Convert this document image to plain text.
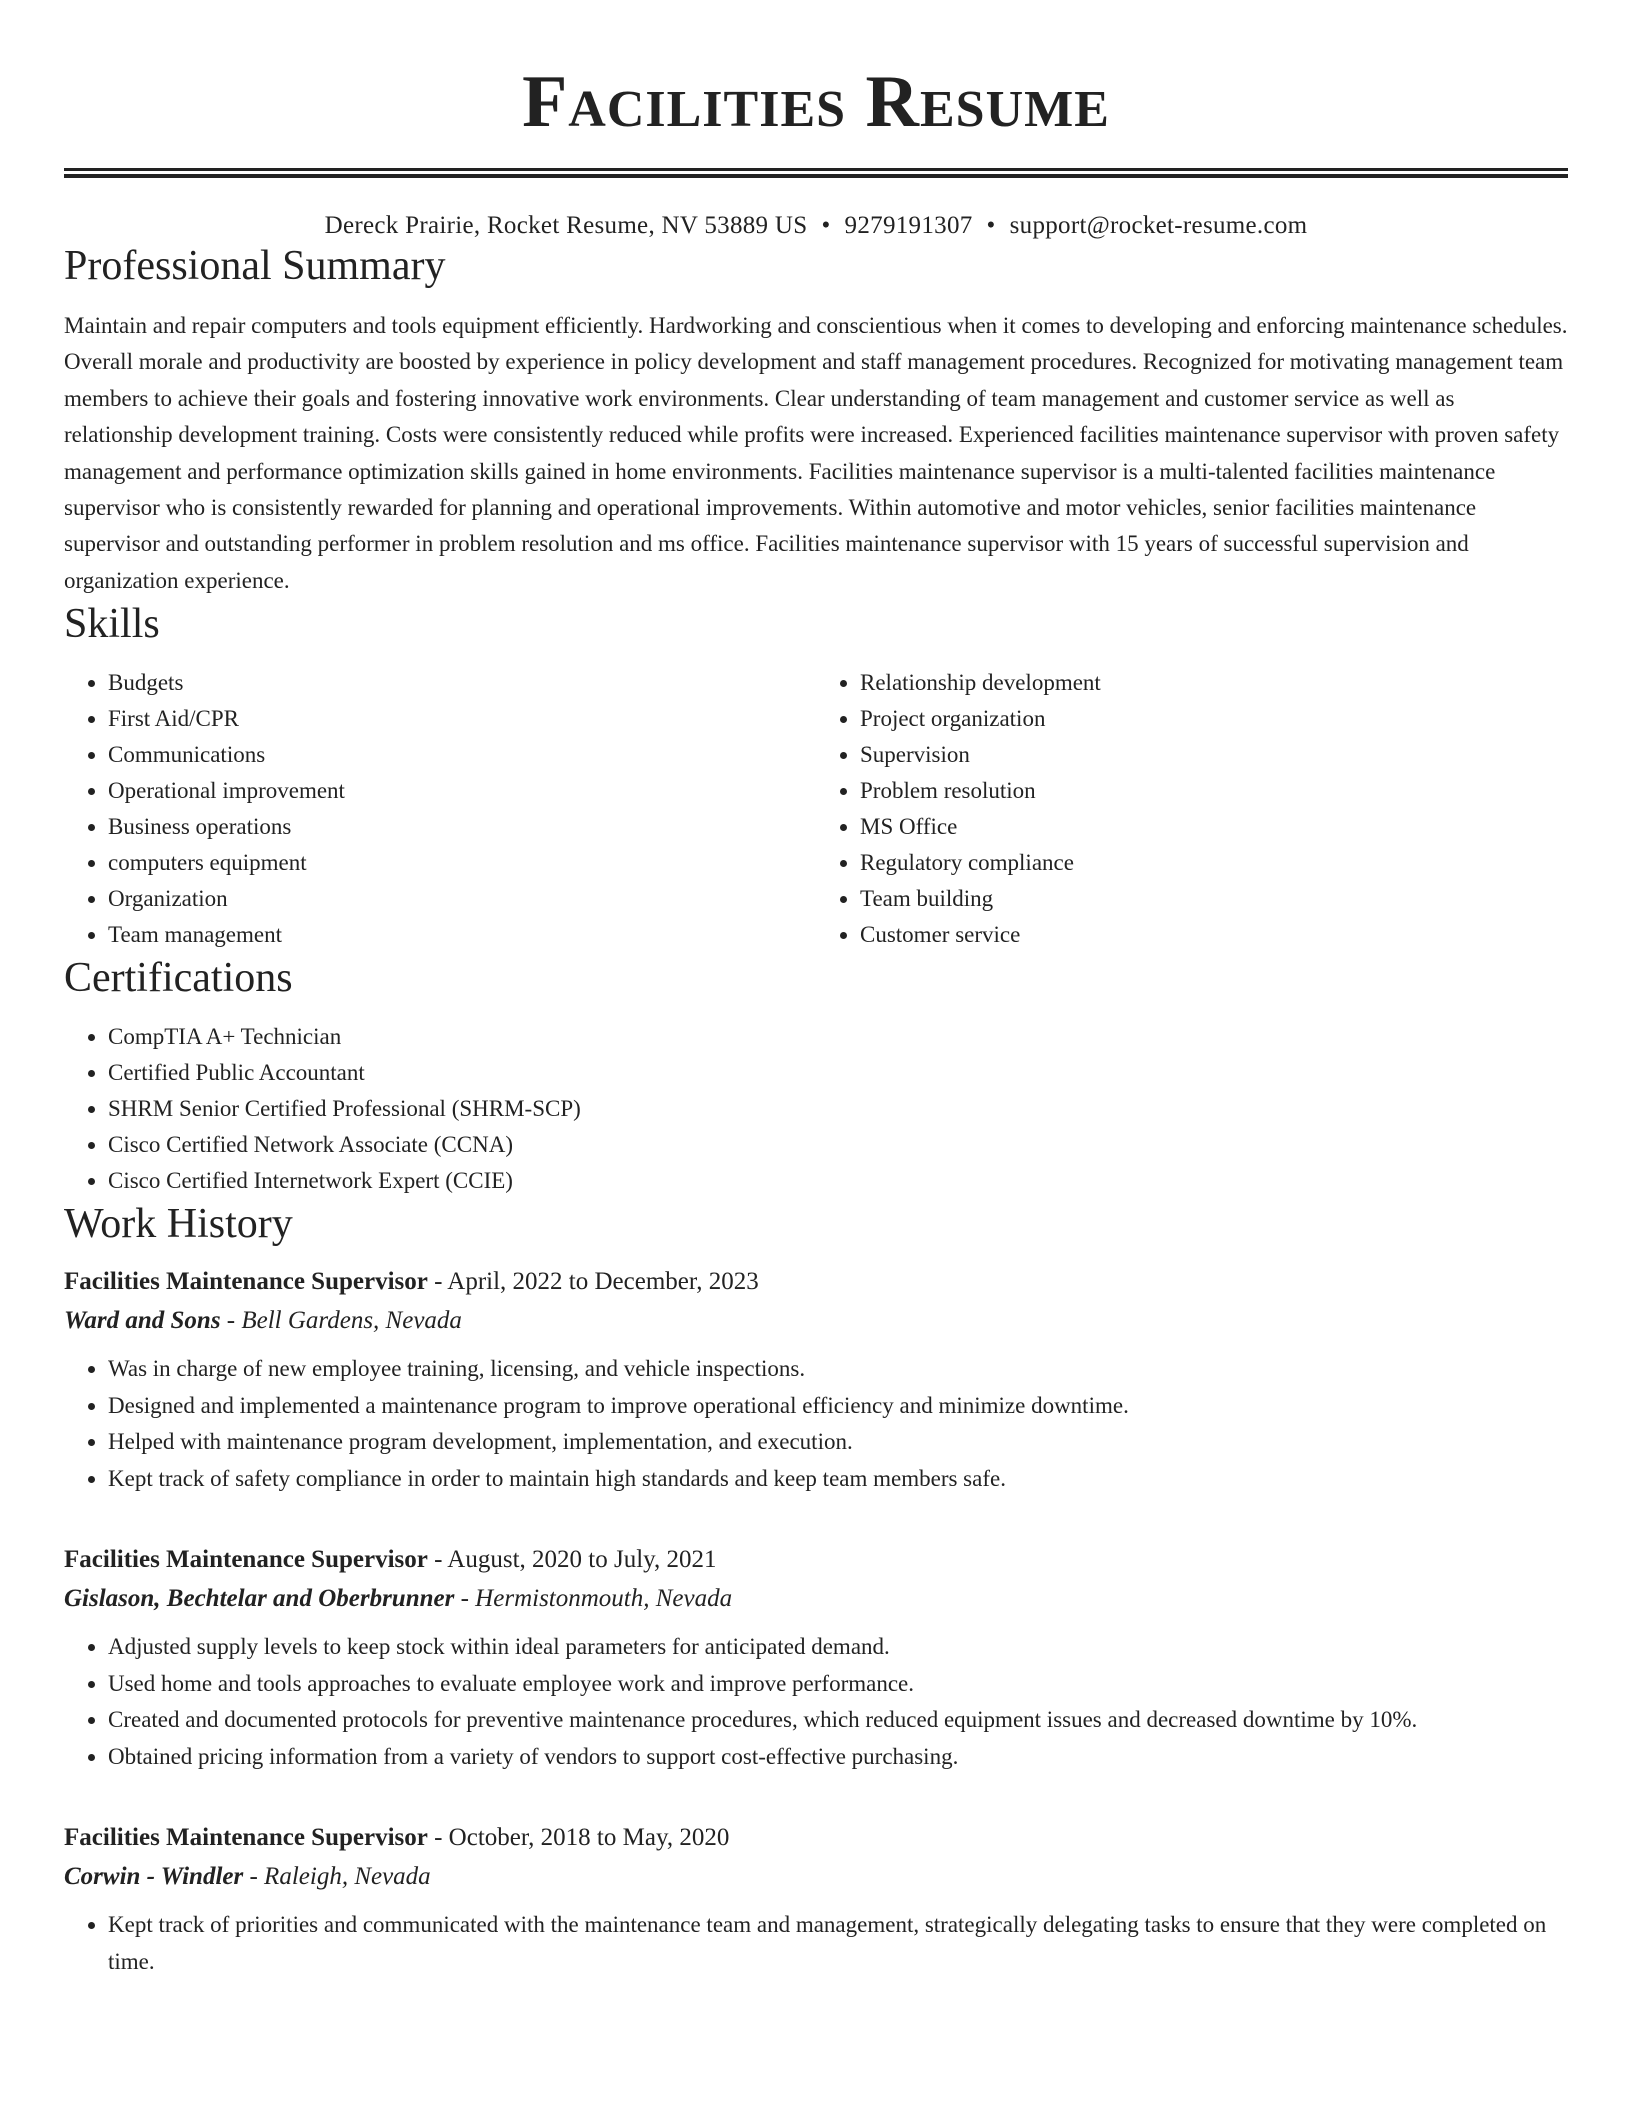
Facilities Resume
Dereck Prairie, Rocket Resume, NV 53889 US • 9279191307 • support@rocket-resume.com
Professional Summary
Maintain and repair computers and tools equipment efficiently. Hardworking and conscientious when it comes to developing and enforcing maintenance schedules. Overall morale and productivity are boosted by experience in policy development and staff management procedures. Recognized for motivating management team members to achieve their goals and fostering innovative work environments. Clear understanding of team management and customer service as well as relationship development training. Costs were consistently reduced while profits were increased. Experienced facilities maintenance supervisor with proven safety management and performance optimization skills gained in home environments. Facilities maintenance supervisor is a multi-talented facilities maintenance supervisor who is consistently rewarded for planning and operational improvements. Within automotive and motor vehicles, senior facilities maintenance supervisor and outstanding performer in problem resolution and ms office. Facilities maintenance supervisor with 15 years of successful supervision and organization experience.
Skills
• Budgets
• First Aid/CPR
• Communications
• Operational improvement
• Business operations
• computers equipment
• Organization
• Team management
• Relationship development
• Project organization
• Supervision
• Problem resolution
• MS Office
• Regulatory compliance
• Team building
• Customer service
Certifications
• CompTIA A+ Technician
• Certified Public Accountant
• SHRM Senior Certified Professional (SHRM-SCP)
• Cisco Certified Network Associate (CCNA)
• Cisco Certified Internetwork Expert (CCIE)
Work History
Facilities Maintenance Supervisor - April, 2022 to December, 2023
Ward and Sons - Bell Gardens, Nevada
• Was in charge of new employee training, licensing, and vehicle inspections.
• Designed and implemented a maintenance program to improve operational efficiency and minimize downtime.
• Helped with maintenance program development, implementation, and execution.
• Kept track of safety compliance in order to maintain high standards and keep team members safe.
Facilities Maintenance Supervisor - August, 2020 to July, 2021
Gislason, Bechtelar and Oberbrunner - Hermistonmouth, Nevada
• Adjusted supply levels to keep stock within ideal parameters for anticipated demand.
• Used home and tools approaches to evaluate employee work and improve performance.
• Created and documented protocols for preventive maintenance procedures, which reduced equipment issues and decreased downtime by 10%.
• Obtained pricing information from a variety of vendors to support cost-effective purchasing.
Facilities Maintenance Supervisor - October, 2018 to May, 2020
Corwin - Windler - Raleigh, Nevada
• Kept track of priorities and communicated with the maintenance team and management, strategically delegating tasks to ensure that they were completed on time.
